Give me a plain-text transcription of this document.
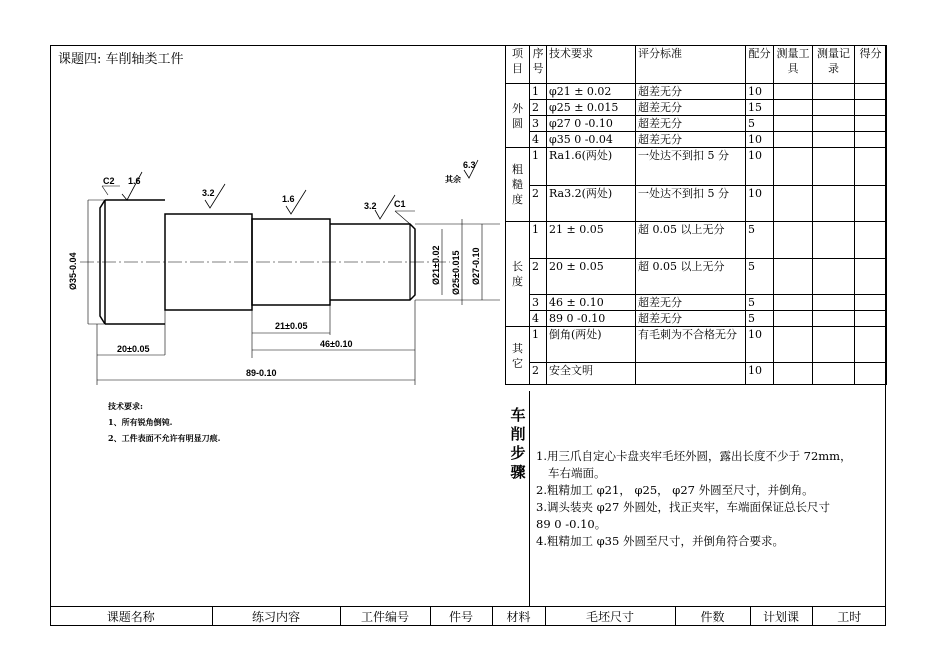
课题四: 车削轴类工件
C2 1.6
3.2
1.6
3.2 C1
6.3
其余
Ø35-0.04	Ø21±0.02 Ø25±0.015 Ø27-0.10
21±0.05
20±0.05	46±0.10
89-0.10
技术要求:
1、所有锐角倒钝.
2、工件表面不允许有明显刀痕.
项目	序号	技术要求	评分标准	配分	测量工具	测量记录	得分
外圆	1	φ21 ± 0.02	超差无分	10			
	2	φ25 ± 0.015	超差无分	15			
	3	φ27 0 -0.10	超差无分	5			
	4	φ35 0 -0.04	超差无分	10			
粗糙度	1	Ra1.6(两处)	一处达不到扣 5 分	10			
	2	Ra3.2(两处)	一处达不到扣 5 分	10			
长度	1	21 ± 0.05	超 0.05 以上无分	5			
	2	20 ± 0.05	超 0.05 以上无分	5			
	3	46 ± 0.10	超差无分	5			
	4	89 0 -0.10	超差无分	5			
其它	1	倒角(两处)	有毛刺为不合格无分	10			
	2	安全文明		10			
车削步骤
1.用三爪自定心卡盘夹牢毛坯外圆，露出长度不少于 72mm，
车右端面。
2.粗精加工 φ21， φ25， φ27 外圆至尺寸，并倒角。
3.调头装夹 φ27 外圆处，找正夹牢，车端面保证总长尺寸
89 0 -0.10。
4.粗精加工 φ35 外圆至尺寸，并倒角符合要求。
课题名称	练习内容	工件编号	件号	材料	毛坯尺寸	件数	计划课	工时
